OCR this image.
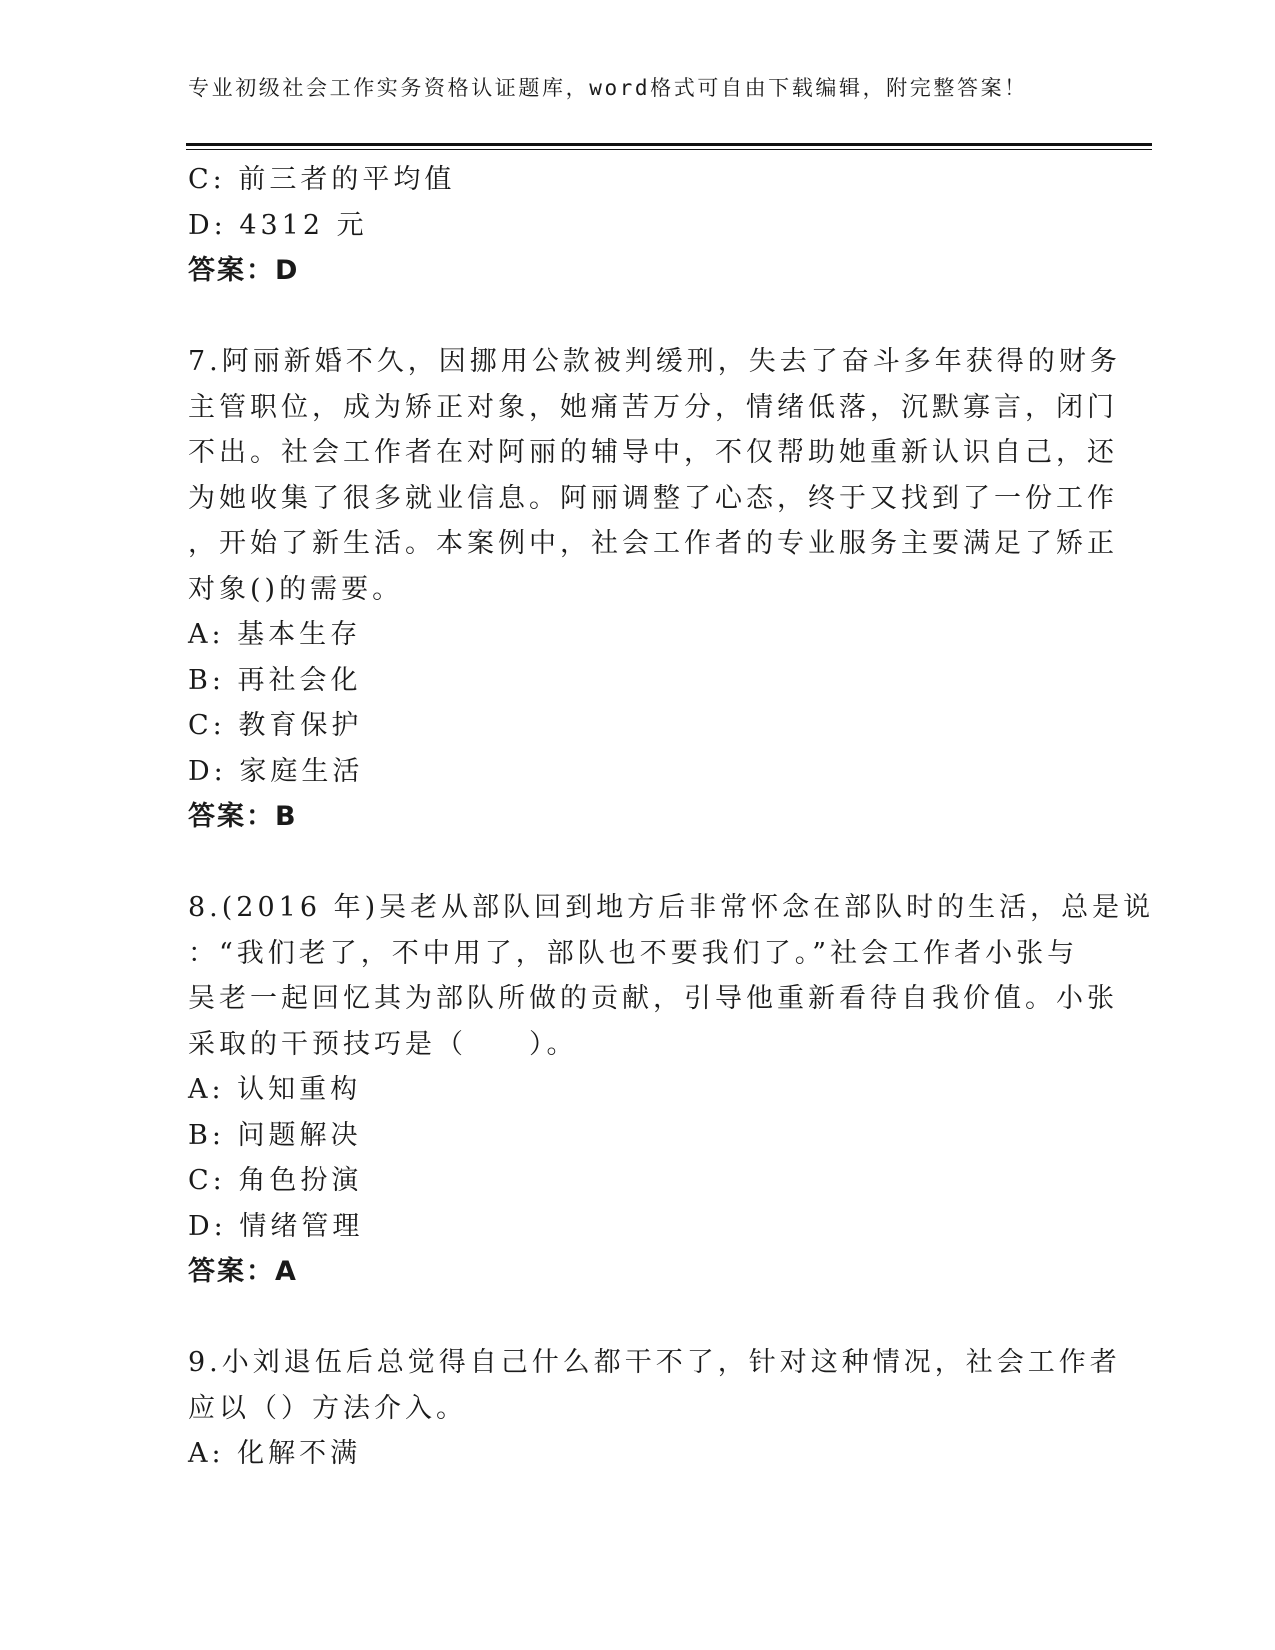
专业初级社会工作实务资格认证题库，word格式可自由下载编辑，附完整答案！
C: 前三者的平均值
D: 4312 元
答案：D
7.阿丽新婚不久，因挪用公款被判缓刑，失去了奋斗多年获得的财务
主管职位，成为矫正对象，她痛苦万分，情绪低落，沉默寡言，闭门
不出。社会工作者在对阿丽的辅导中，不仅帮助她重新认识自己，还
为她收集了很多就业信息。阿丽调整了心态，终于又找到了一份工作
，开始了新生活。本案例中，社会工作者的专业服务主要满足了矫正
对象()的需要。
A: 基本生存
B: 再社会化
C: 教育保护
D: 家庭生活
答案：B
8.(2016 年)吴老从部队回到地方后非常怀念在部队时的生活，总是说
：“我们老了，不中用了，部队也不要我们了。”社会工作者小张与
吴老一起回忆其为部队所做的贡献，引导他重新看待自我价值。小张
采取的干预技巧是（　　）。
A: 认知重构
B: 问题解决
C: 角色扮演
D: 情绪管理
答案：A
9.小刘退伍后总觉得自己什么都干不了，针对这种情况，社会工作者
应以（）方法介入。
A: 化解不满
